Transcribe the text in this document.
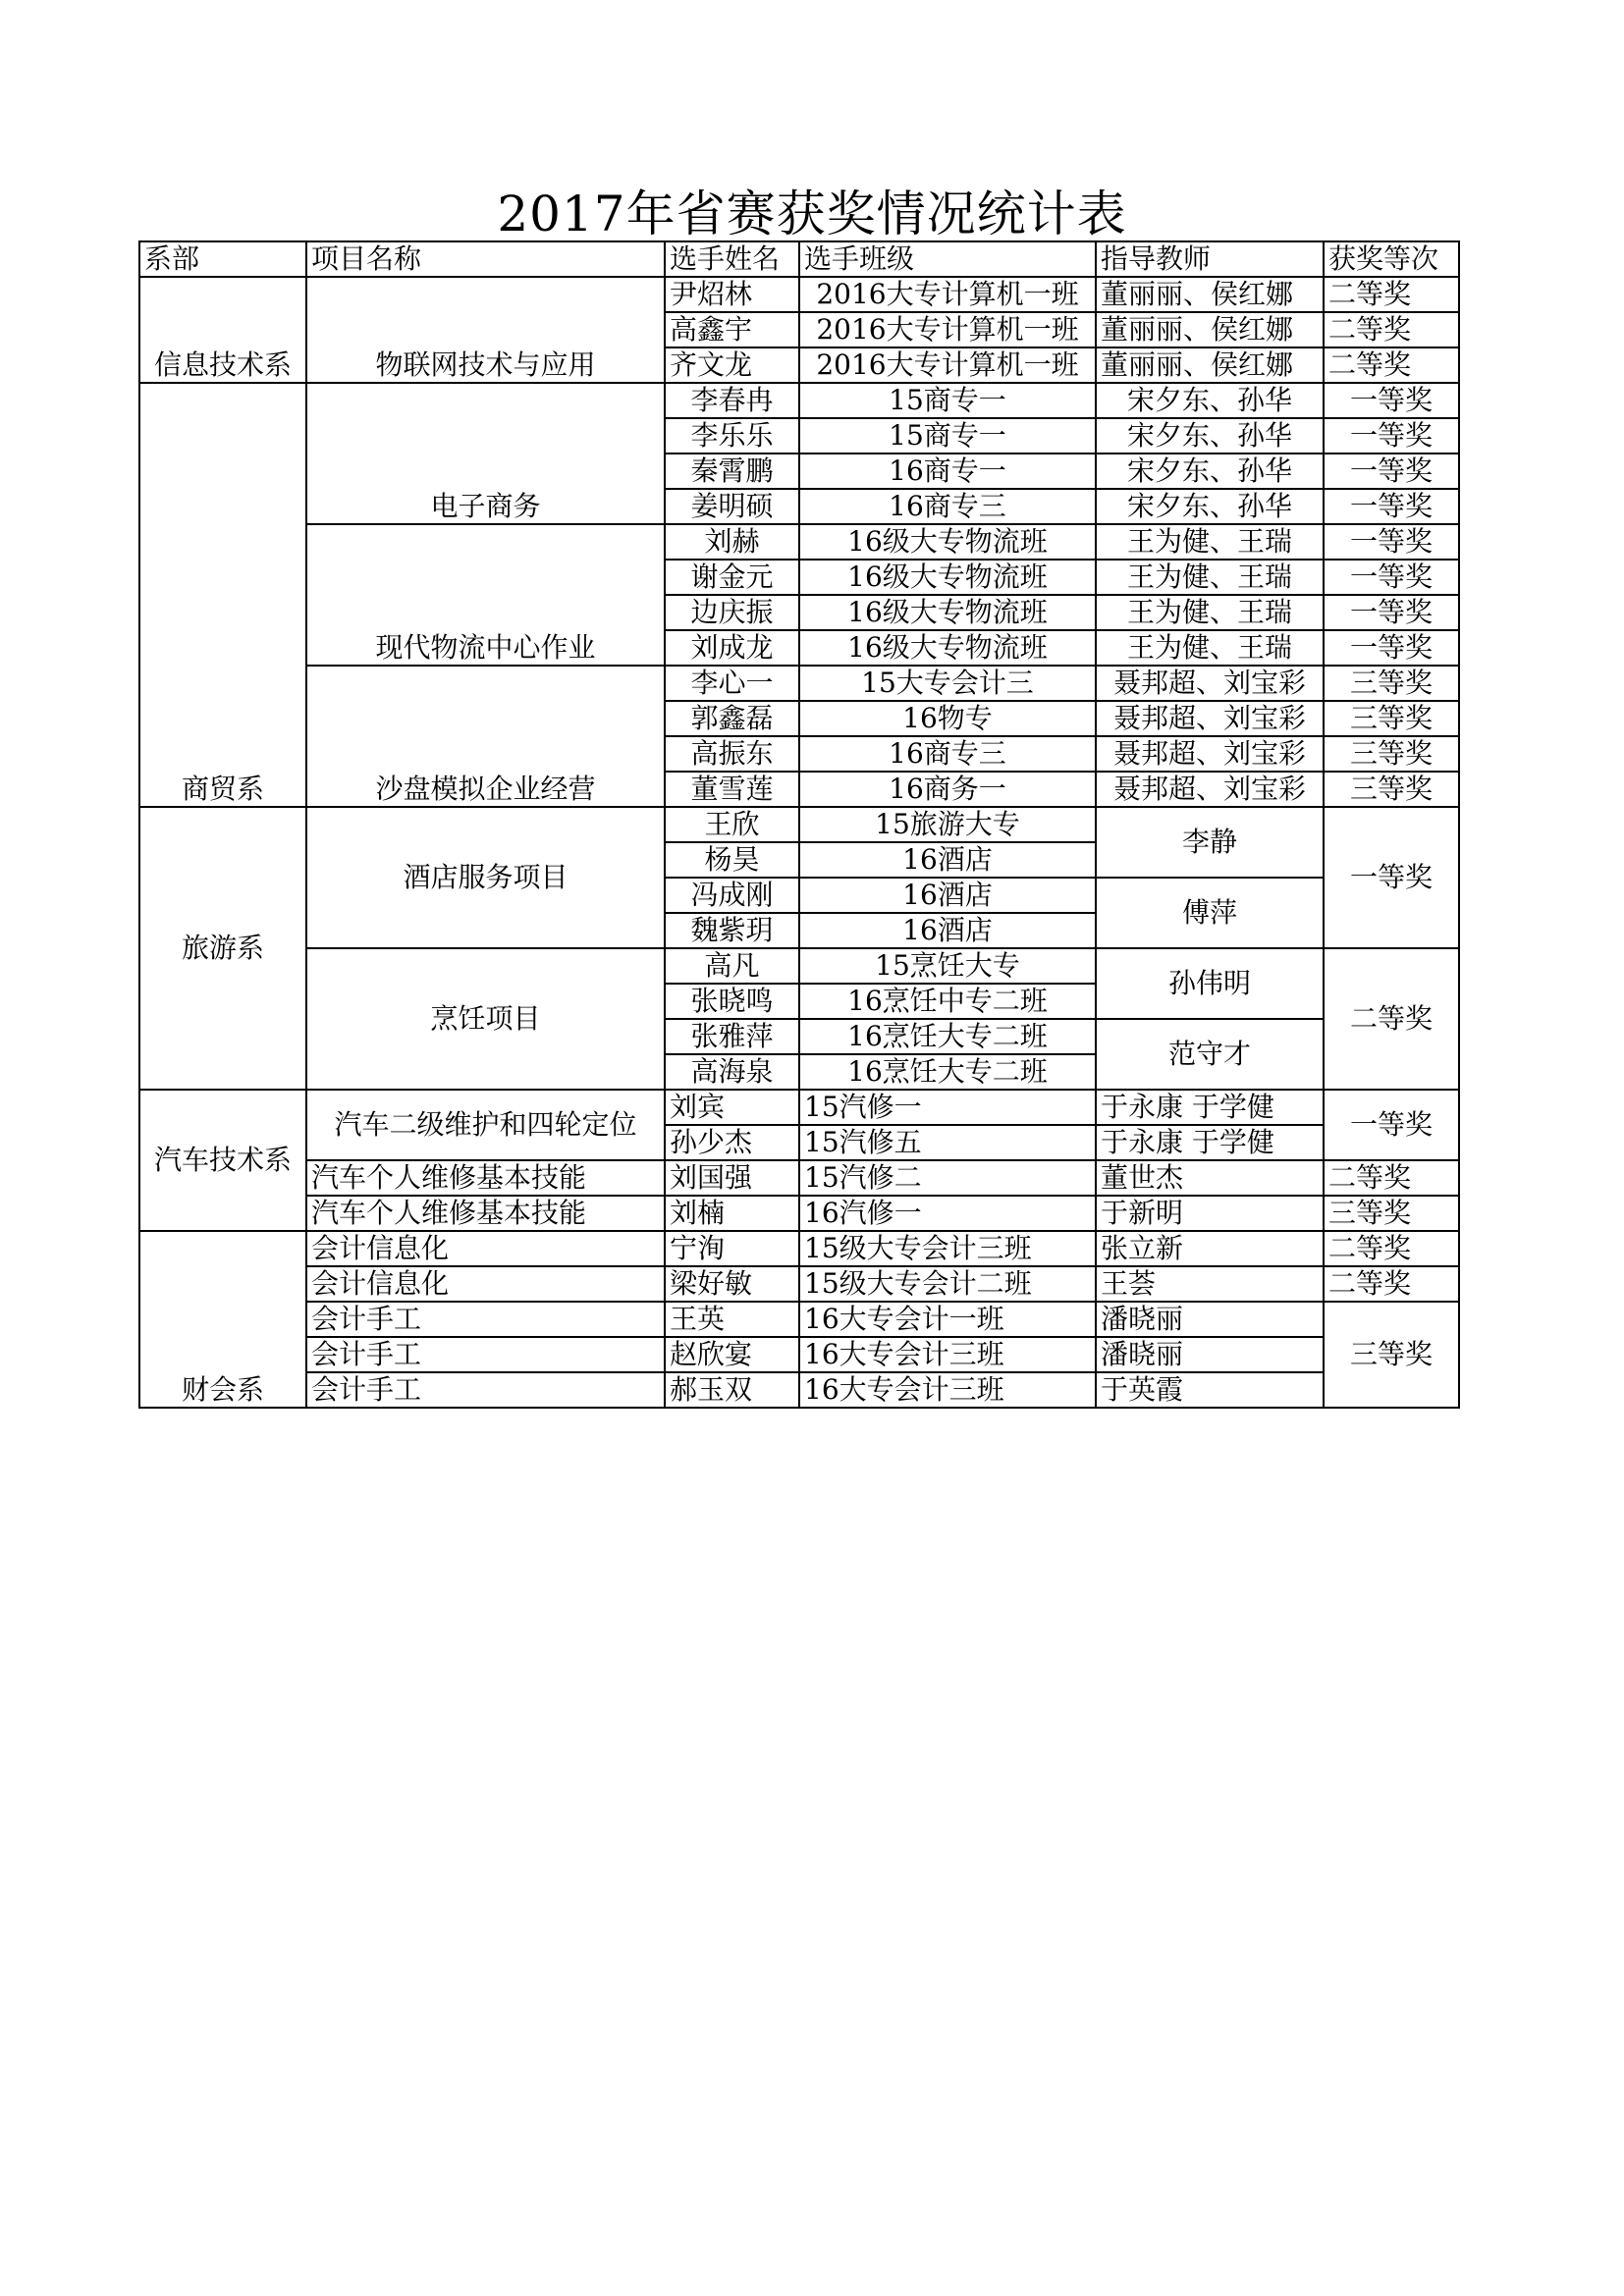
2017年省赛获奖情况统计表
系部	项目名称	选手姓名	选手班级	指导教师	获奖等次
信息技术系	物联网技术与应用	尹炤林	2016大专计算机一班	董丽丽、侯红娜	二等奖
		高鑫宇	2016大专计算机一班	董丽丽、侯红娜	二等奖
		齐文龙	2016大专计算机一班	董丽丽、侯红娜	二等奖
商贸系	电子商务	李春冉	15商专一	宋夕东、孙华	一等奖
		李乐乐	15商专一	宋夕东、孙华	一等奖
		秦霄鹏	16商专一	宋夕东、孙华	一等奖
		姜明硕	16商专三	宋夕东、孙华	一等奖
	现代物流中心作业	刘赫	16级大专物流班	王为健、王瑞	一等奖
		谢金元	16级大专物流班	王为健、王瑞	一等奖
		边庆振	16级大专物流班	王为健、王瑞	一等奖
		刘成龙	16级大专物流班	王为健、王瑞	一等奖
	沙盘模拟企业经营	李心一	15大专会计三	聂邦超、刘宝彩	三等奖
		郭鑫磊	16物专	聂邦超、刘宝彩	三等奖
		高振东	16商专三	聂邦超、刘宝彩	三等奖
		董雪莲	16商务一	聂邦超、刘宝彩	三等奖
旅游系	酒店服务项目	王欣	15旅游大专	李静	一等奖
		杨昊	16酒店		
		冯成刚	16酒店	傅萍	
		魏紫玥	16酒店		
	烹饪项目	高凡	15烹饪大专	孙伟明	二等奖
		张晓鸣	16烹饪中专二班		
		张雅萍	16烹饪大专二班	范守才	
		高海泉	16烹饪大专二班		
汽车技术系	汽车二级维护和四轮定位	刘宾	15汽修一	于永康 于学健	一等奖
		孙少杰	15汽修五	于永康 于学健	
	汽车个人维修基本技能	刘国强	15汽修二	董世杰	二等奖
	汽车个人维修基本技能	刘楠	16汽修一	于新明	三等奖
财会系	会计信息化	宁洵	15级大专会计三班	张立新	二等奖
	会计信息化	梁好敏	15级大专会计二班	王荟	二等奖
	会计手工	王英	16大专会计一班	潘晓丽	三等奖
	会计手工	赵欣宴	16大专会计三班	潘晓丽	
	会计手工	郝玉双	16大专会计三班	于英霞	
